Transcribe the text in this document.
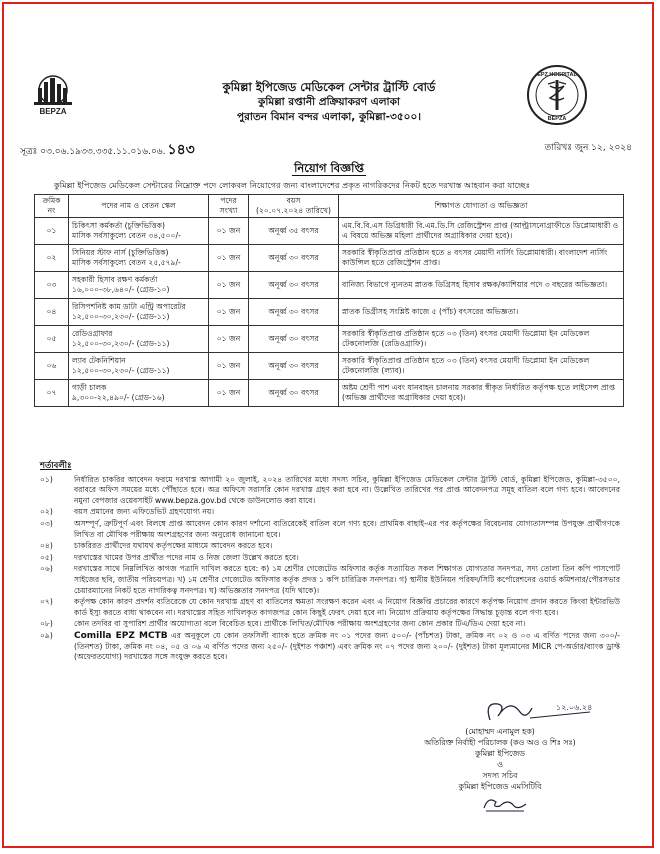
BEPZA
EPZ HOSPITAL
BEPZA
কুমিল্লা ইপিজেড মেডিকেল সেন্টার ট্রাস্টি বোর্ড
কুমিল্লা রপ্তানী প্রক্রিয়াকরণ এলাকা
পুরাতন বিমান বন্দর এলাকা, কুমিল্লা-৩৫০০।
সূত্রঃ ০৩.০৬.১৯৩৩.৩৩৫.১১.০১৬.০৬. ১৪৩	তারিখঃ জুন ১২, ২০২৪
নিয়োগ বিজ্ঞপ্তি
কুমিল্লা ইপিজেড মেডিকেল সেন্টারের নিম্নোক্ত পদে লোকবল নিয়োগের জন্য বাংলাদেশের প্রকৃত নাগরিকদের নিকট হতে দরখাস্ত আহবান করা যাচ্ছেঃ
ক্রমিক নং	পদের নাম ও বেতন স্কেল	পদের সংখ্যা	বয়স
(২০.০৭.২০২৪ তারিখে)	শিক্ষাগত যোগ্যতা ও অভিজ্ঞতা
০১	চিকিৎসা কর্মকর্তা (চুক্তিভিত্তিক)
মাসিক সর্বসাকুল্যে বেতন ৩৪,৫০০/-	০১ জন	অনূর্ধ্ব ৩৫ বৎসর	এম.বি.বি.এস ডিগ্রিধারী বি.এম.ডি.সি রেজিস্ট্রেশন প্রাপ্ত (আল্ট্রাসনোগ্রাফীতে ডিপ্লোমাধারী ও এ বিষয়ে অভিজ্ঞ মহিলা প্রার্থীদের অগ্রাধিকার দেয়া হবে)।
০২	সিনিয়র স্টাফ নার্স (চুক্তিভিত্তিক)
মাসিক সর্বসাকুল্যে বেতন ২৫,৫৭৯/-	০১ জন	অনূর্ধ্ব ৩০ বৎসর	সরকারি স্বীকৃতিপ্রাপ্ত প্রতিষ্ঠান হতে ৪ বৎসর মেয়াদী নার্সিং ডিপ্লোমাধারী। বাংলাদেশ নার্সিং কাউন্সিল হতে রেজিস্ট্রেশন প্রাপ্ত।
০৩	সহকারী হিসাব রক্ষণ কর্মকর্তা
১৬,০০০-৩৮,৬৪০/- (গ্রেড-১০)	০১ জন	অনূর্ধ্ব ৩০ বৎসর	বানিজ্য বিভাগে ন্যুনতম স্নাতক ডিগ্রিসহ হিসাব রক্ষক/ক্যাশিয়ার পদে ৩ বছরের অভিজ্ঞতা।
০৪	রিসিপশনিষ্ট কাম ডাটা এন্ট্রি অপারেটর
১২,৫০০-৩০,২৩০/- (গ্রেড-১১)	০১ জন	অনূর্ধ্ব ৩০ বৎসর	স্নাতক ডিগ্রীসহ সংশ্লিষ্ট কাজে ৫ (পাঁচ) বৎসরের অভিজ্ঞতা।
০৫	রেডিওগ্রাফার
১২,৫০০-৩০,২৩০/- (গ্রেড-১১)	০১ জন	অনূর্ধ্ব ৩০ বৎসর	সরকারি স্বীকৃতিপ্রাপ্ত প্রতিষ্ঠান হতে ০৩ (তিন) বৎসর মেয়াদী ডিপ্লোমা ইন মেডিকেল টেকনোলজি (রেডিওগ্রাফি)।
০৬	ল্যাব টেকনিশিয়ান
১২,৫০০-৩০,২৩০/- (গ্রেড-১১)	০১ জন	অনূর্ধ্ব ৩০ বৎসর	সরকারি স্বীকৃতিপ্রাপ্ত প্রতিষ্ঠান হতে ০৩ (তিন) বৎসর মেয়াদী ডিপ্লোমা ইন মেডিকেল টেকনোলজি (ল্যাব)।
০৭	গাড়ী চালক
৯,৩০০-২২,৪৯০/- (গ্রেড-১৬)	০১ জন	অনূর্ধ্ব ৩০ বৎসর	অষ্টম শ্রেণী পাশ এবং যানবাহন চালনায় সরকার স্বীকৃত নির্ধারিত কর্তৃপক্ষ হতে লাইসেন্স প্রাপ্ত (অভিজ্ঞ প্রার্থীদের অগ্রাধিকার দেয়া হবে)।
শর্তাবলীঃ
০১)	নির্ধারিত চাকরির আবেদন ফরমে দরখাস্ত আগামী ২০ জুলাই, ২০২৪ তারিখের মধ্যে সদস্য সচিব, কুমিল্লা ইপিজেড মেডিকেল সেন্টার ট্রাস্টি বোর্ড, কুমিল্লা ইপিজেড, কুমিল্লা-৩৫০০, বরাবরে অফিস সময়ের মধ্যে পৌঁছাতে হবে। অত্র অফিসে সরাসরি কোন দরখাস্ত গ্রহণ করা হবে না। উল্লেখিত তারিখের পর প্রাপ্ত আবেদনপত্র সমূহ বাতিল বলে গণ্য হবে। আবেদনের নমুনা বেপজার ওয়েবসাইট www.bepza.gov.bd থেকে ডাউনলোড করা যাবে।
০২)	বয়স প্রমানের জন্য এফিডেভিট গ্রহণযোগ্য নয়।
০৩)	অসম্পূর্ণ, ত্রুটিপূর্ণ এবং বিলম্বে প্রাপ্ত আবেদন কোন কারণ দর্শানো ব্যতিরেকেই বাতিল বলে গণ্য হবে। প্রাথমিক বাছাই-এর পর কর্তৃপক্ষের বিবেচনায় যোগ্যতাসম্পন্ন উপযুক্ত প্রার্থীগণকে লিখিত বা মৌখিক পরীক্ষায় অংশগ্রহণের জন্য অনুরোধ জানানো হবে।
০৪)	চাকরিরত প্রার্থীদের যথাযথ কর্তৃপক্ষের মাধ্যমে আবেদন করতে হবে।
০৫)	দরখাস্তের খামের উপর প্রার্থীত পদের নাম ও নিজ জেলা উল্লেখ করতে হবে।
০৬)	দরখাস্তের সাথে নিম্নলিখিত কাগজ পত্রাদি দাখিল করতে হবে: ক) ১ম শ্রেণীর গেজেটেড অফিসার কর্তৃক সত্যায়িত সকল শিক্ষাগত যোগ্যতার সনদপত্র, সদ্য তোলা তিন কপি পাসপোর্ট সাইজের ছবি, জাতীয় পরিচয়পত্র। খ) ১ম শ্রেণীর গেজেটেড অফিসার কর্তৃক প্রদত্ত ১ কপি চারিত্রিক সনদপত্র। গ) স্থানীয় ইউনিয়ন পরিষদ/সিটি কর্পোরেশনের ওয়ার্ড কমিশনার/পৌরসভার চেয়ারম্যানের নিকট হতে নাগরিকত্ব সনদপত্র। ঘ) অভিজ্ঞতার সনদপত্র (যদি থাকে)।
০৭)	কর্তৃপক্ষ কোন কারণ প্রদর্শন ব্যতিরেকে যে কোন দরখাস্ত গ্রহণ বা বাতিলের ক্ষমতা সংরক্ষণ করেন এবং এ নিয়োগ বিজ্ঞপ্তি প্রচারের কারণে কর্তৃপক্ষ নিয়োগ প্রদান করতে কিংবা ইন্টারভিউ কার্ড ইস্যু করতে বাধ্য থাকবেন না। দরখাস্তের সহিত দাখিলকৃত কাগজপত্র কোন কিছুই ফেরৎ দেয়া হবে না। নিয়োগ প্রক্রিয়ায় কর্তৃপক্ষের সিদ্ধান্ত চূড়ান্ত বলে গণ্য হবে।
০৮)	কোন তদবির বা সুপারিশ প্রার্থীর অযোগ্যতা বলে বিবেচিত হবে। প্রার্থীকে লিখিত/মৌখিক পরীক্ষায় অংশগ্রহণের জন্য কোন প্রকার টিএ/ডিএ দেয়া হবে না।
০৯)	Comilla EPZ MCTB এর অনুকূলে যে কোন তফসিলী ব্যাংক হতে ক্রমিক নং ০১ পদের জন্য ৫০০/- (পাঁচশত) টাকা, ক্রমিক নং ০২ ও ০৩ এ বর্ণিত পদের জন্য ৩০০/- (তিনশত) টাকা, ক্রমিক নং ০৪, ০৫ ও ০৬ এ বর্ণিত পদের জন্য ২৫০/- (দুইশত পঞ্চাশ) এবং ক্রমিক নং ০৭ পদের জন্য ২০০/- (দুইশত) টাকা মূল্যমানের MICR পে-অর্ডার/ব্যাংক ড্রাফ্ট (অফেরতযোগ্য) দরখাস্তের সঙ্গে সংযুক্ত করতে হবে।
১২.০৬.২৪
(মোহাম্মদ এনামুল হক)
অতিরিক্ত নির্বাহী পরিচালক (কও অও ও শিঃ সঃ)
কুমিল্লা ইপিজেড
ও
সদস্য সচিব
কুমিল্লা ইপিজেড এমসিটিবি
